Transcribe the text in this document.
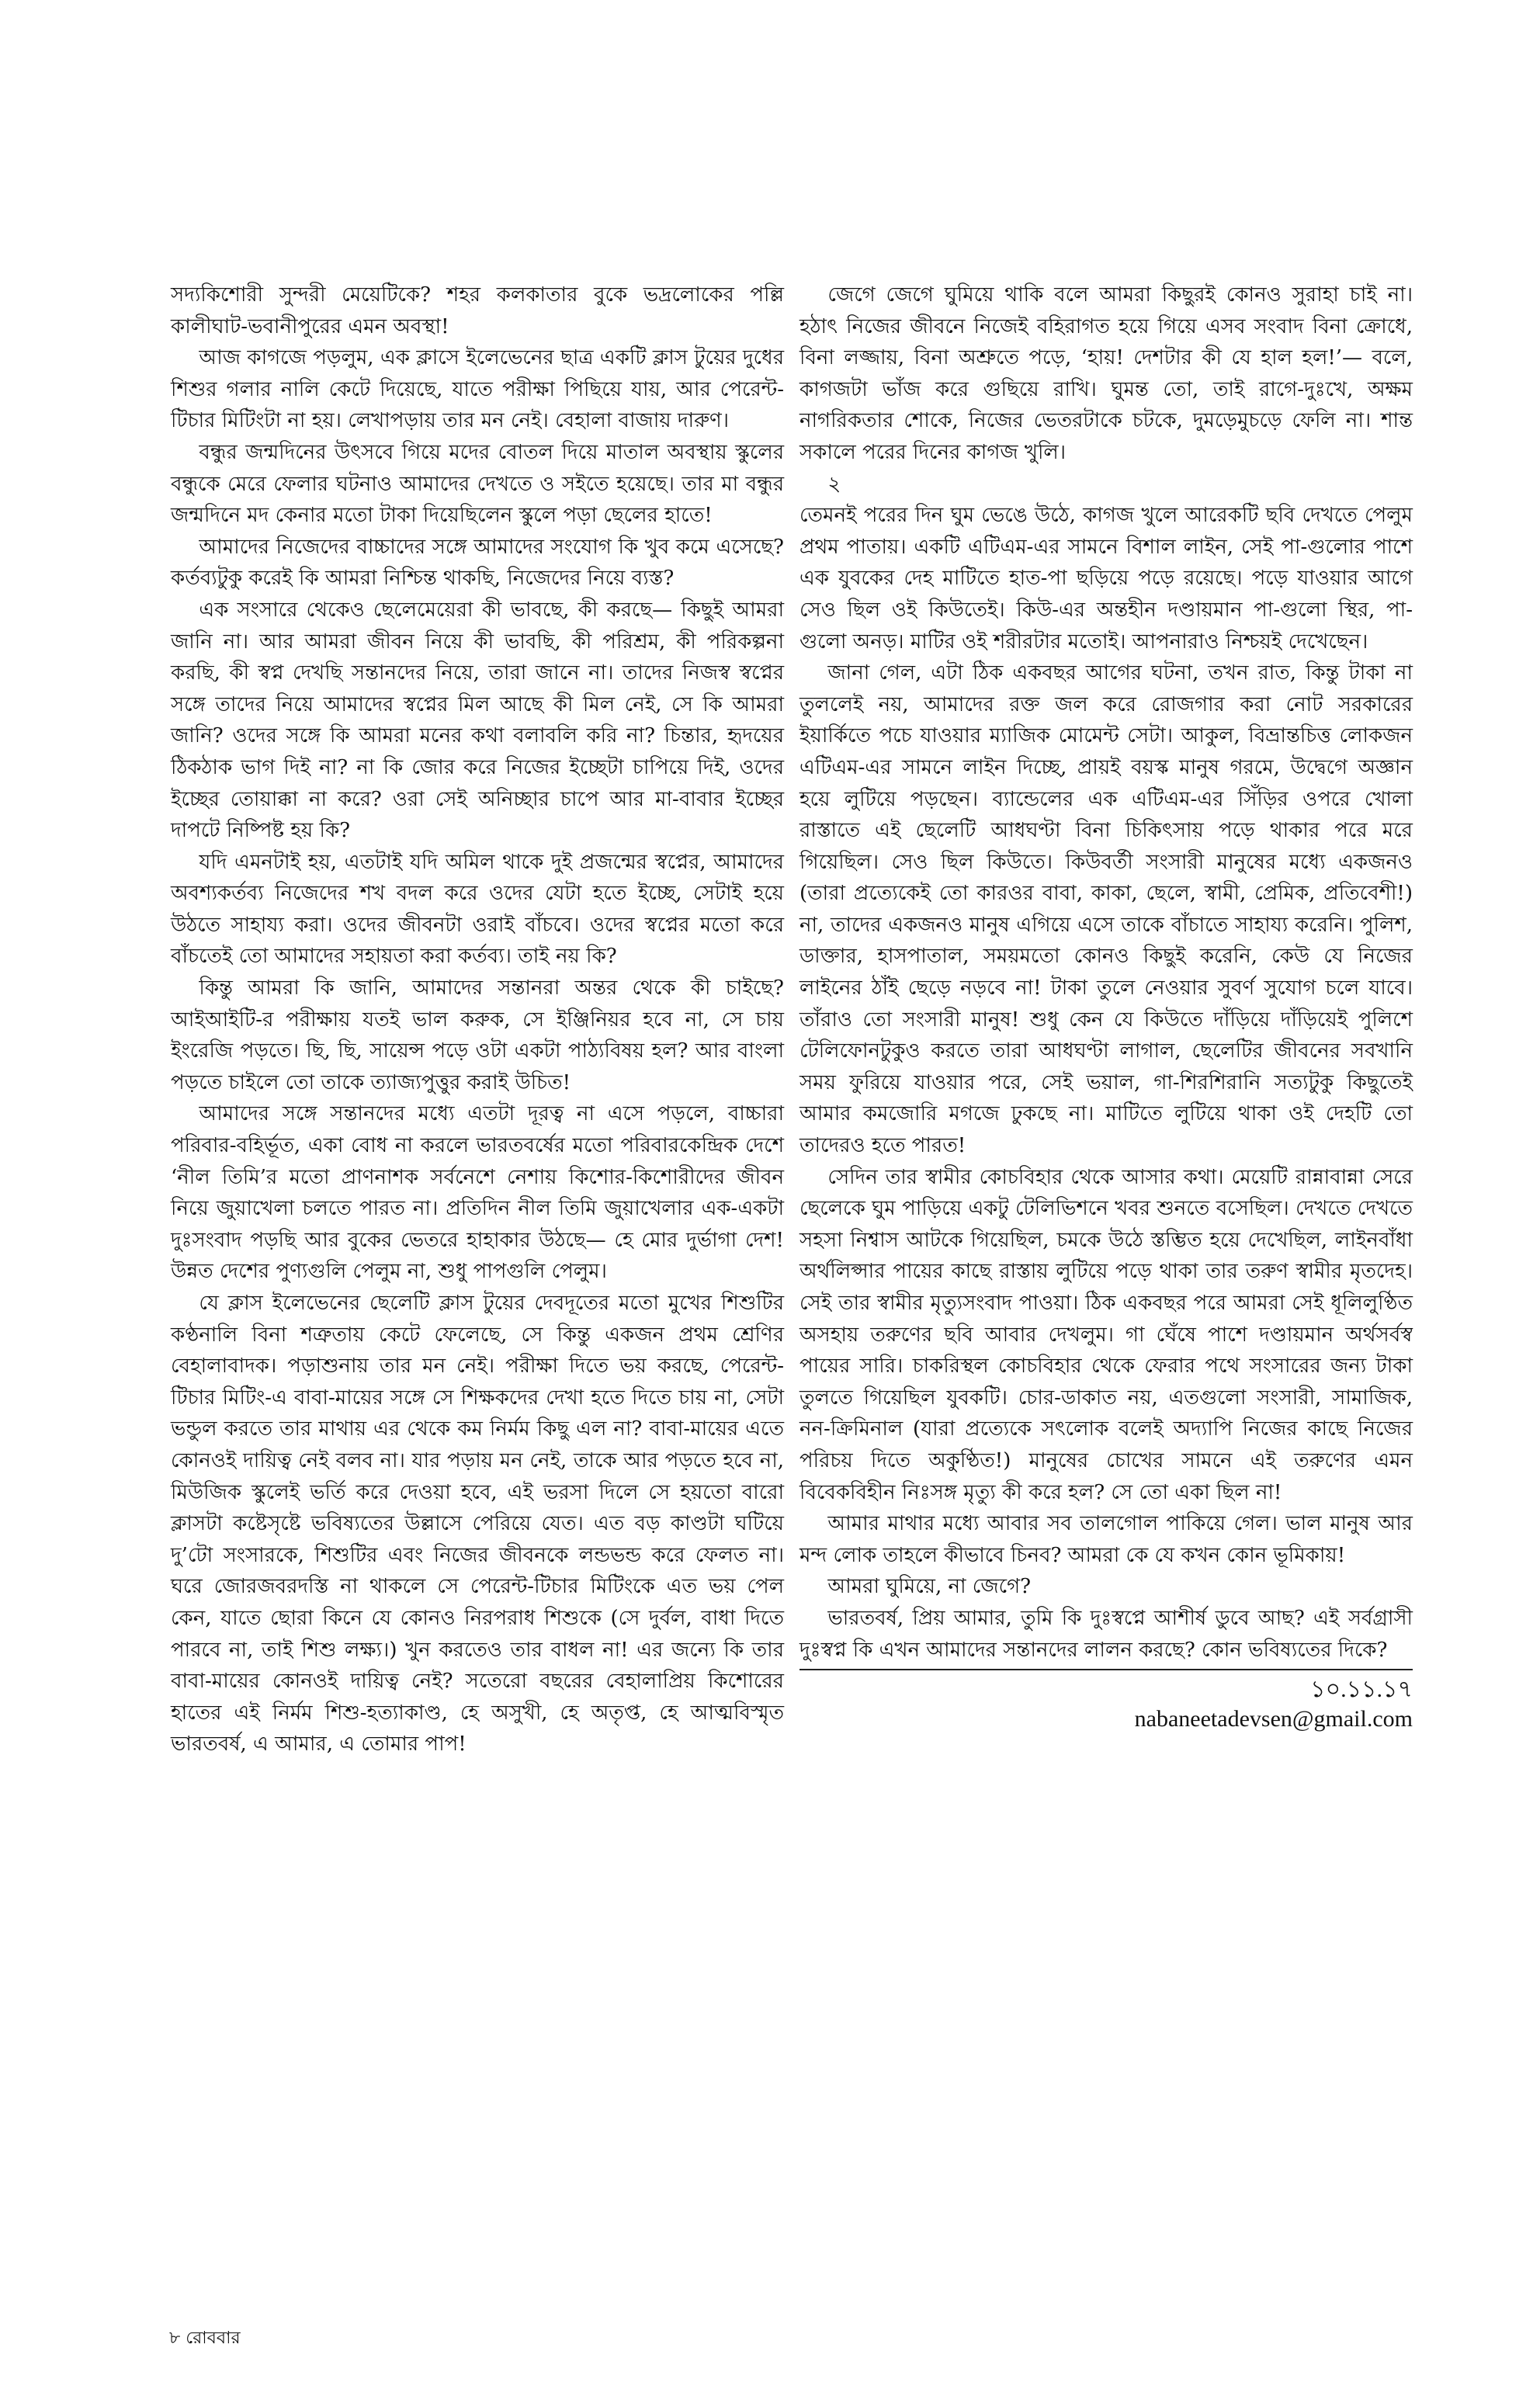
সদ্যকিশোরী সুন্দরী মেয়েটিকে? শহর কলকাতার বুকে ভদ্রলোকের পল্লি কালীঘাট-ভবানীপুরের এমন অবস্থা!

আজ কাগজে পড়লুম, এক ক্লাসে ইলেভেনের ছাত্র একটি ক্লাস টুয়ের দুধের শিশুর গলার নালি কেটে দিয়েছে, যাতে পরীক্ষা পিছিয়ে যায়, আর পেরেন্ট-টিচার মিটিংটা না হয়। লেখাপড়ায় তার মন নেই। বেহালা বাজায় দারুণ।

বন্ধুর জন্মদিনের উৎসবে গিয়ে মদের বোতল দিয়ে মাতাল অবস্থায় স্কুলের বন্ধুকে মেরে ফেলার ঘটনাও আমাদের দেখতে ও সইতে হয়েছে। তার মা বন্ধুর জন্মদিনে মদ কেনার মতো টাকা দিয়েছিলেন স্কুলে পড়া ছেলের হাতে!

আমাদের নিজেদের বাচ্চাদের সঙ্গে আমাদের সংযোগ কি খুব কমে এসেছে? কর্তব্যটুকু করেই কি আমরা নিশ্চিন্ত থাকছি, নিজেদের নিয়ে ব্যস্ত?

এক সংসারে থেকেও ছেলেমেয়েরা কী ভাবছে, কী করছে— কিছুই আমরা জানি না। আর আমরা জীবন নিয়ে কী ভাবছি, কী পরিশ্রম, কী পরিকল্পনা করছি, কী স্বপ্ন দেখছি সন্তানদের নিয়ে, তারা জানে না। তাদের নিজস্ব স্বপ্নের সঙ্গে তাদের নিয়ে আমাদের স্বপ্নের মিল আছে কী মিল নেই, সে কি আমরা জানি? ওদের সঙ্গে কি আমরা মনের কথা বলাবলি করি না? চিন্তার, হৃদয়ের ঠিকঠাক ভাগ দিই না? না কি জোর করে নিজের ইচ্ছেটা চাপিয়ে দিই, ওদের ইচ্ছের তোয়াক্কা না করে? ওরা সেই অনিচ্ছার চাপে আর মা-বাবার ইচ্ছের দাপটে নিষ্পিষ্ট হয় কি?

যদি এমনটাই হয়, এতটাই যদি অমিল থাকে দুই প্রজন্মের স্বপ্নের, আমাদের অবশ্যকর্তব্য নিজেদের শখ বদল করে ওদের যেটা হতে ইচ্ছে, সেটাই হয়ে উঠতে সাহায্য করা। ওদের জীবনটা ওরাই বাঁচবে। ওদের স্বপ্নের মতো করে বাঁচতেই তো আমাদের সহায়তা করা কর্তব্য। তাই নয় কি?

কিন্তু আমরা কি জানি, আমাদের সন্তানরা অন্তর থেকে কী চাইছে? আইআইটি-র পরীক্ষায় যতই ভাল করুক, সে ইঞ্জিনিয়র হবে না, সে চায় ইংরেজি পড়তে। ছি, ছি, সায়েন্স পড়ে ওটা একটা পাঠ্যবিষয় হল? আর বাংলা পড়তে চাইলে তো তাকে ত্যাজ্যপুত্তুর করাই উচিত!

আমাদের সঙ্গে সন্তানদের মধ্যে এতটা দূরত্ব না এসে পড়লে, বাচ্চারা পরিবার-বহির্ভূত, একা বোধ না করলে ভারতবর্ষের মতো পরিবারকেন্দ্রিক দেশে ‘নীল তিমি’র মতো প্রাণনাশক সর্বনেশে নেশায় কিশোর-কিশোরীদের জীবন নিয়ে জুয়াখেলা চলতে পারত না। প্রতিদিন নীল তিমি জুয়াখেলার এক-একটা দুঃসংবাদ পড়ছি আর বুকের ভেতরে হাহাকার উঠছে— হে মোর দুর্ভাগা দেশ! উন্নত দেশের পুণ্যগুলি পেলুম না, শুধু পাপগুলি পেলুম।

যে ক্লাস ইলেভেনের ছেলেটি ক্লাস টুয়ের দেবদূতের মতো মুখের শিশুটির কণ্ঠনালি বিনা শত্রুতায় কেটে ফেলেছে, সে কিন্তু একজন প্রথম শ্রেণির বেহালাবাদক। পড়াশুনায় তার মন নেই। পরীক্ষা দিতে ভয় করছে, পেরেন্ট-টিচার মিটিং-এ বাবা-মায়ের সঙ্গে সে শিক্ষকদের দেখা হতে দিতে চায় না, সেটা ভন্ডুল করতে তার মাথায় এর থেকে কম নির্মম কিছু এল না? বাবা-মায়ের এতে কোনওই দায়িত্ব নেই বলব না। যার পড়ায় মন নেই, তাকে আর পড়তে হবে না, মিউজিক স্কুলেই ভর্তি করে দেওয়া হবে, এই ভরসা দিলে সে হয়তো বারো ক্লাসটা কষ্টেসৃষ্টে ভবিষ্যতের উল্লাসে পেরিয়ে যেত। এত বড় কাণ্ডটা ঘটিয়ে দু’টো সংসারকে, শিশুটির এবং নিজের জীবনকে লন্ডভন্ড করে ফেলত না। ঘরে জোরজবরদস্তি না থাকলে সে পেরেন্ট-টিচার মিটিংকে এত ভয় পেল কেন, যাতে ছোরা কিনে যে কোনও নিরপরাধ শিশুকে (সে দুর্বল, বাধা দিতে পারবে না, তাই শিশু লক্ষ্য।) খুন করতেও তার বাধল না! এর জন্যে কি তার বাবা-মায়ের কোনওই দায়িত্ব নেই? সতেরো বছরের বেহালাপ্রিয় কিশোরের হাতের এই নির্মম শিশু-হত্যাকাণ্ড, হে অসুখী, হে অতৃপ্ত, হে আত্মবিস্মৃত ভারতবর্ষ, এ আমার, এ তোমার পাপ!

জেগে জেগে ঘুমিয়ে থাকি বলে আমরা কিছুরই কোনও সুরাহা চাই না। হঠাৎ নিজের জীবনে নিজেই বহিরাগত হয়ে গিয়ে এসব সংবাদ বিনা ক্রোধে, বিনা লজ্জায়, বিনা অশ্রুতে পড়ে, ‘হায়! দেশটার কী যে হাল হল!’— বলে, কাগজটা ভাঁজ করে গুছিয়ে রাখি। ঘুমন্ত তো, তাই রাগে-দুঃখে, অক্ষম নাগরিকতার শোকে, নিজের ভেতরটাকে চটকে, দুমড়েমুচড়ে ফেলি না। শান্ত সকালে পরের দিনের কাগজ খুলি।

২

তেমনই পরের দিন ঘুম ভেঙে উঠে, কাগজ খুলে আরেকটি ছবি দেখতে পেলুম প্রথম পাতায়। একটি এটিএম-এর সামনে বিশাল লাইন, সেই পা-গুলোর পাশে এক যুবকের দেহ মাটিতে হাত-পা ছড়িয়ে পড়ে রয়েছে। পড়ে যাওয়ার আগে সেও ছিল ওই কিউতেই। কিউ-এর অন্তহীন দণ্ডায়মান পা-গুলো স্থির, পা-গুলো অনড়। মাটির ওই শরীরটার মতোই। আপনারাও নিশ্চয়ই দেখেছেন।

জানা গেল, এটা ঠিক একবছর আগের ঘটনা, তখন রাত, কিন্তু টাকা না তুললেই নয়, আমাদের রক্ত জল করে রোজগার করা নোট সরকারের ইয়ার্কিতে পচে যাওয়ার ম্যাজিক মোমেন্ট সেটা। আকুল, বিভ্রান্তচিত্ত লোকজন এটিএম-এর সামনে লাইন দিচ্ছে, প্রায়ই বয়স্ক মানুষ গরমে, উদ্বেগে অজ্ঞান হয়ে লুটিয়ে পড়ছেন। ব্যান্ডেলের এক এটিএম-এর সিঁড়ির ওপরে খোলা রাস্তাতে এই ছেলেটি আধঘণ্টা বিনা চিকিৎসায় পড়ে থাকার পরে মরে গিয়েছিল। সেও ছিল কিউতে। কিউবর্তী সংসারী মানুষের মধ্যে একজনও (তারা প্রত্যেকেই তো কারওর বাবা, কাকা, ছেলে, স্বামী, প্রেমিক, প্রতিবেশী!) না, তাদের একজনও মানুষ এগিয়ে এসে তাকে বাঁচাতে সাহায্য করেনি। পুলিশ, ডাক্তার, হাসপাতাল, সময়মতো কোনও কিছুই করেনি, কেউ যে নিজের লাইনের ঠাঁই ছেড়ে নড়বে না! টাকা তুলে নেওয়ার সুবর্ণ সুযোগ চলে যাবে। তাঁরাও তো সংসারী মানুষ! শুধু কেন যে কিউতে দাঁড়িয়ে দাঁড়িয়েই পুলিশে টেলিফোনটুকুও করতে তারা আধঘণ্টা লাগাল, ছেলেটির জীবনের সবখানি সময় ফুরিয়ে যাওয়ার পরে, সেই ভয়াল, গা-শিরশিরানি সত্যটুকু কিছুতেই আমার কমজোরি মগজে ঢুকছে না। মাটিতে লুটিয়ে থাকা ওই দেহটি তো তাদেরও হতে পারত!

সেদিন তার স্বামীর কোচবিহার থেকে আসার কথা। মেয়েটি রান্নাবান্না সেরে ছেলেকে ঘুম পাড়িয়ে একটু টেলিভিশনে খবর শুনতে বসেছিল। দেখতে দেখতে সহসা নিশ্বাস আটকে গিয়েছিল, চমকে উঠে স্তম্ভিত হয়ে দেখেছিল, লাইনবাঁধা অর্থলিপ্সার পায়ের কাছে রাস্তায় লুটিয়ে পড়ে থাকা তার তরুণ স্বামীর মৃতদেহ। সেই তার স্বামীর মৃত্যুসংবাদ পাওয়া। ঠিক একবছর পরে আমরা সেই ধূলিলুণ্ঠিত অসহায় তরুণের ছবি আবার দেখলুম। গা ঘেঁষে পাশে দণ্ডায়মান অর্থসর্বস্ব পায়ের সারি। চাকরিস্থল কোচবিহার থেকে ফেরার পথে সংসারের জন্য টাকা তুলতে গিয়েছিল যুবকটি। চোর-ডাকাত নয়, এতগুলো সংসারী, সামাজিক, নন-ক্রিমিনাল (যারা প্রত্যেকে সৎলোক বলেই অদ্যাপি নিজের কাছে নিজের পরিচয় দিতে অকুণ্ঠিত!) মানুষের চোখের সামনে এই তরুণের এমন বিবেকবিহীন নিঃসঙ্গ মৃত্যু কী করে হল? সে তো একা ছিল না!

আমার মাথার মধ্যে আবার সব তালগোল পাকিয়ে গেল। ভাল মানুষ আর মন্দ লোক তাহলে কীভাবে চিনব? আমরা কে যে কখন কোন ভূমিকায়!

আমরা ঘুমিয়ে, না জেগে?

ভারতবর্ষ, প্রিয় আমার, তুমি কি দুঃস্বপ্নে আশীর্ষ ডুবে আছ? এই সর্বগ্রাসী দুঃস্বপ্ন কি এখন আমাদের সন্তানদের লালন করছে? কোন ভবিষ্যতের দিকে?

১০.১১.১৭
nabaneetadevsen@gmail.com
৮ রোববার
